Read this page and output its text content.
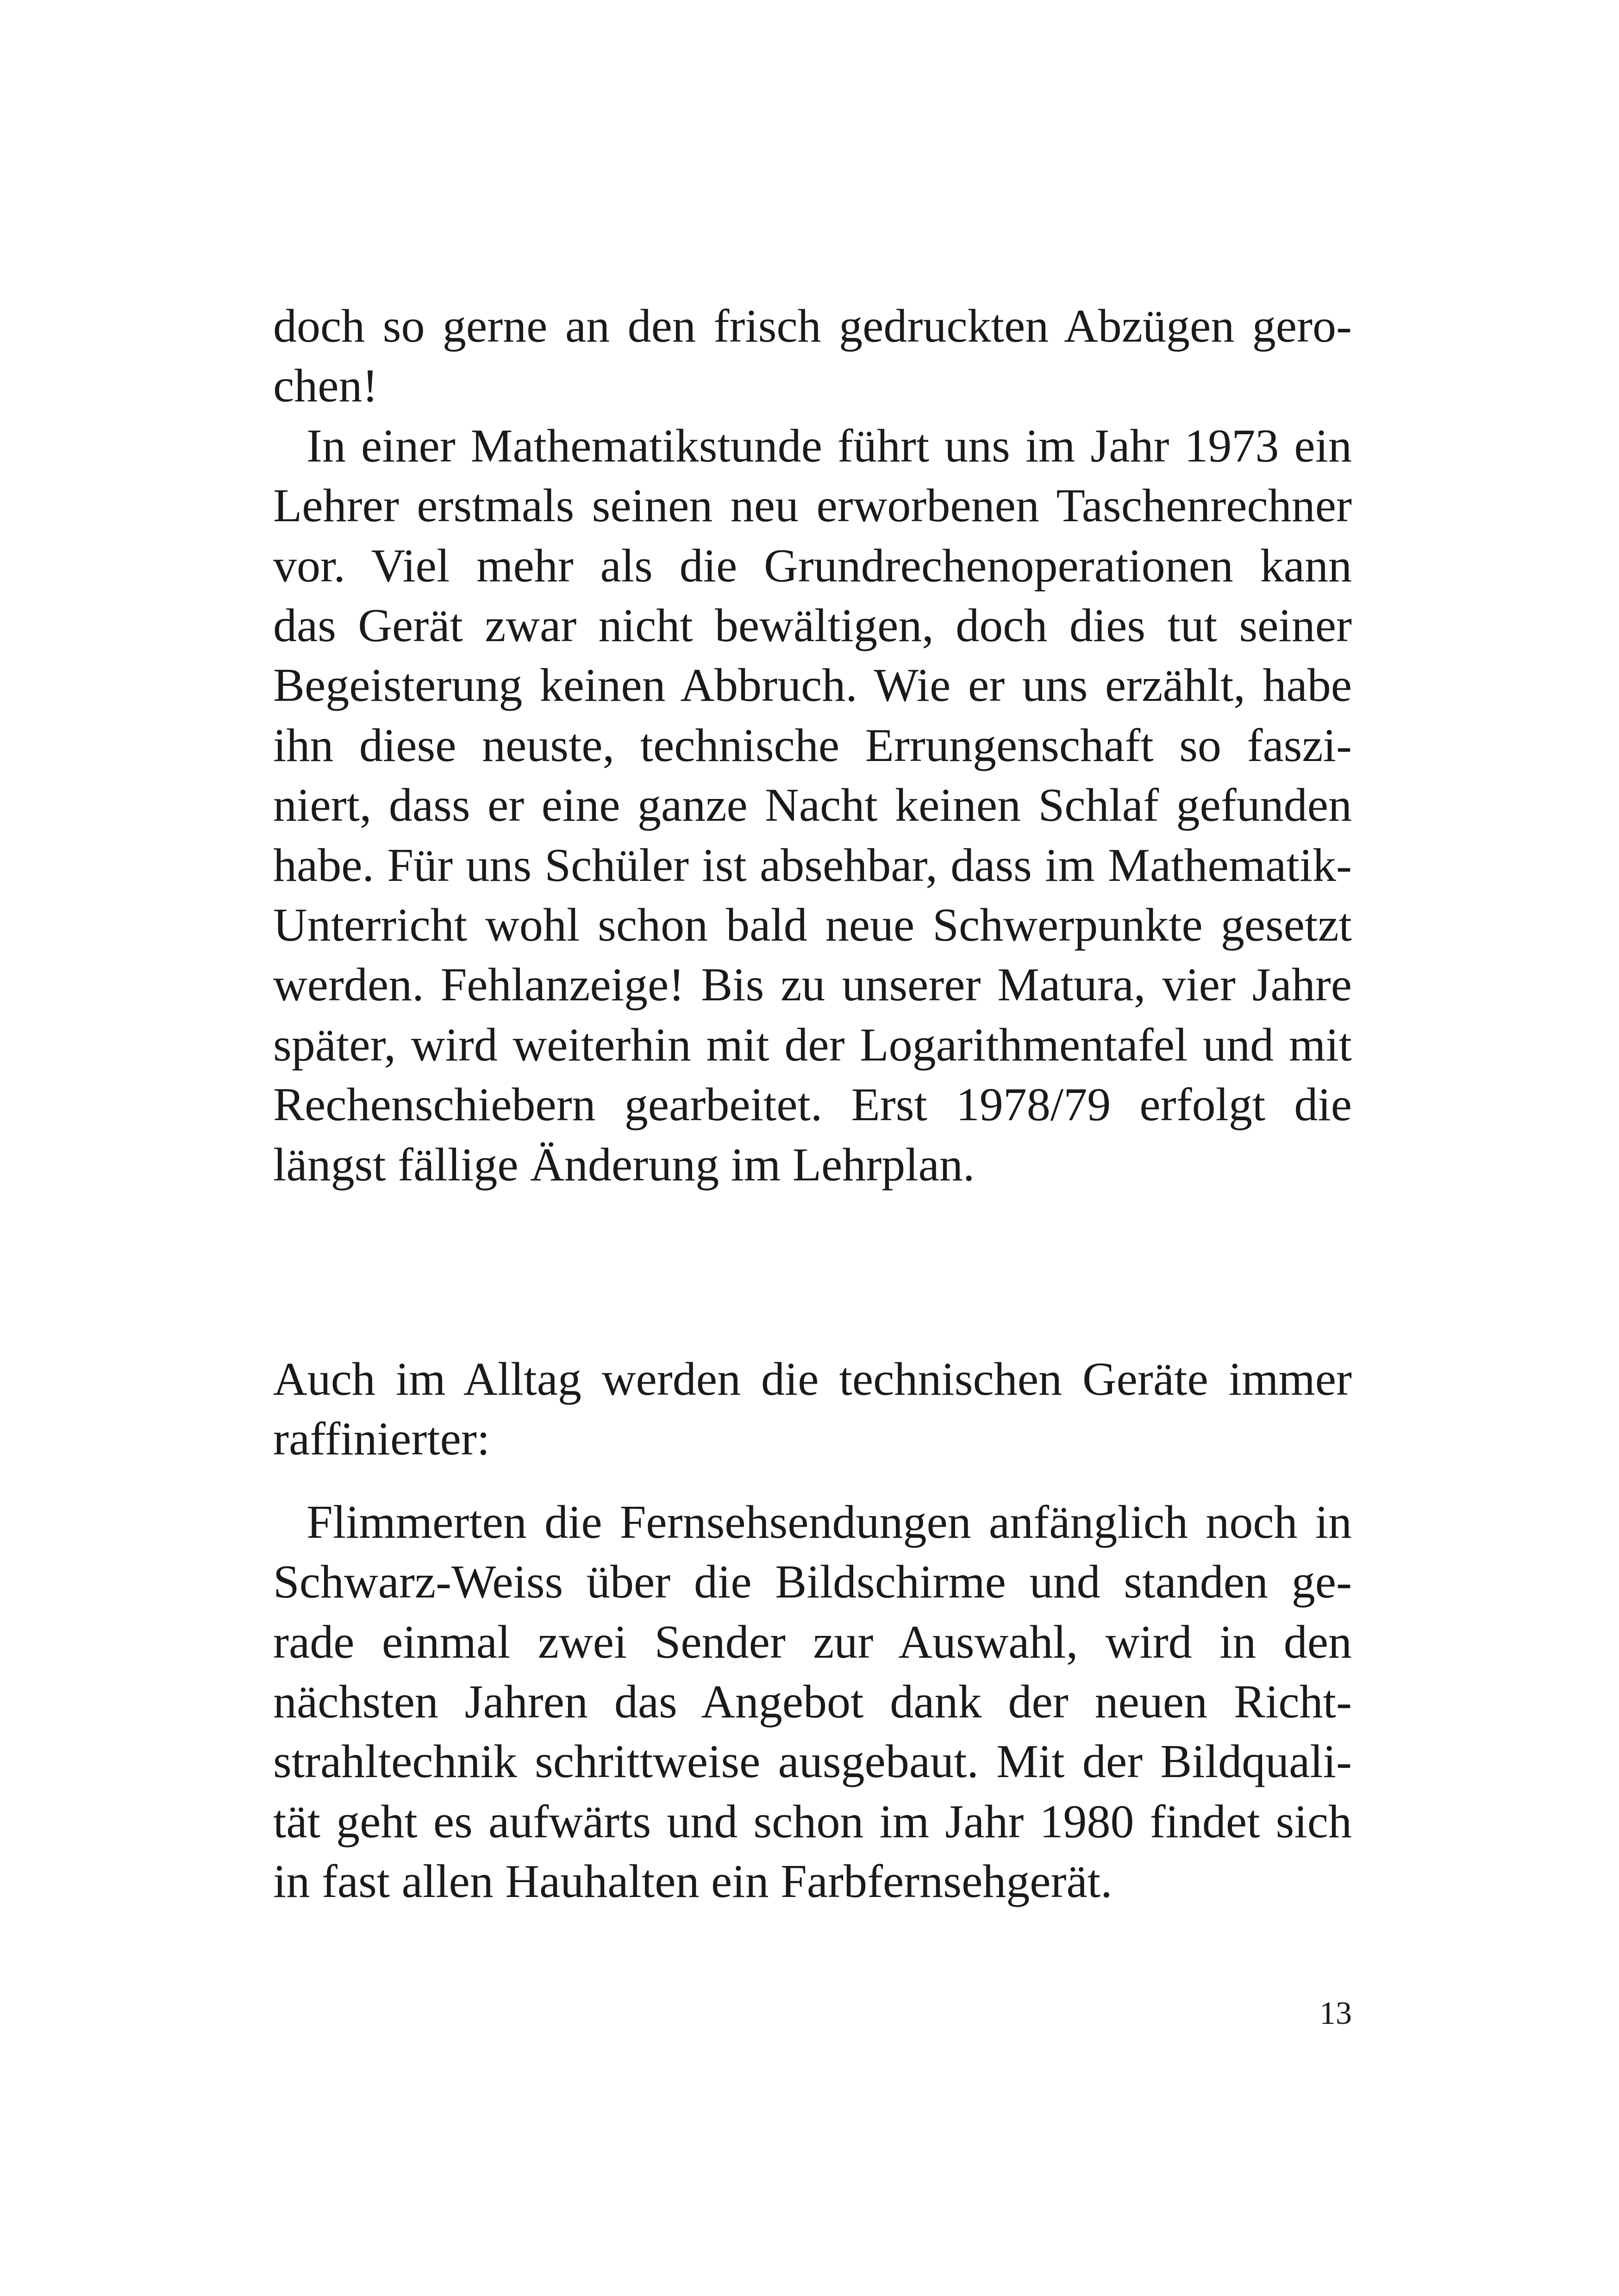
doch so gerne an den frisch gedruckten Abzügen gero-
chen!
In einer Mathematikstunde führt uns im Jahr 1973 ein
Lehrer erstmals seinen neu erworbenen Taschenrechner
vor. Viel mehr als die Grundrechenoperationen kann
das Gerät zwar nicht bewältigen, doch dies tut seiner
Begeisterung keinen Abbruch. Wie er uns erzählt, habe
ihn diese neuste, technische Errungenschaft so faszi-
niert, dass er eine ganze Nacht keinen Schlaf gefunden
habe. Für uns Schüler ist absehbar, dass im Mathematik-
Unterricht wohl schon bald neue Schwerpunkte gesetzt
werden. Fehlanzeige! Bis zu unserer Matura, vier Jahre
später, wird weiterhin mit der Logarithmentafel und mit
Rechenschiebern gearbeitet. Erst 1978/79 erfolgt die
längst fällige Änderung im Lehrplan.
Auch im Alltag werden die technischen Geräte immer
raffinierter:
Flimmerten die Fernsehsendungen anfänglich noch in
Schwarz-Weiss über die Bildschirme und standen ge-
rade einmal zwei Sender zur Auswahl, wird in den
nächsten Jahren das Angebot dank der neuen Richt-
strahltechnik schrittweise ausgebaut. Mit der Bildquali-
tät geht es aufwärts und schon im Jahr 1980 findet sich
in fast allen Hauhalten ein Farbfernsehgerät.
13
